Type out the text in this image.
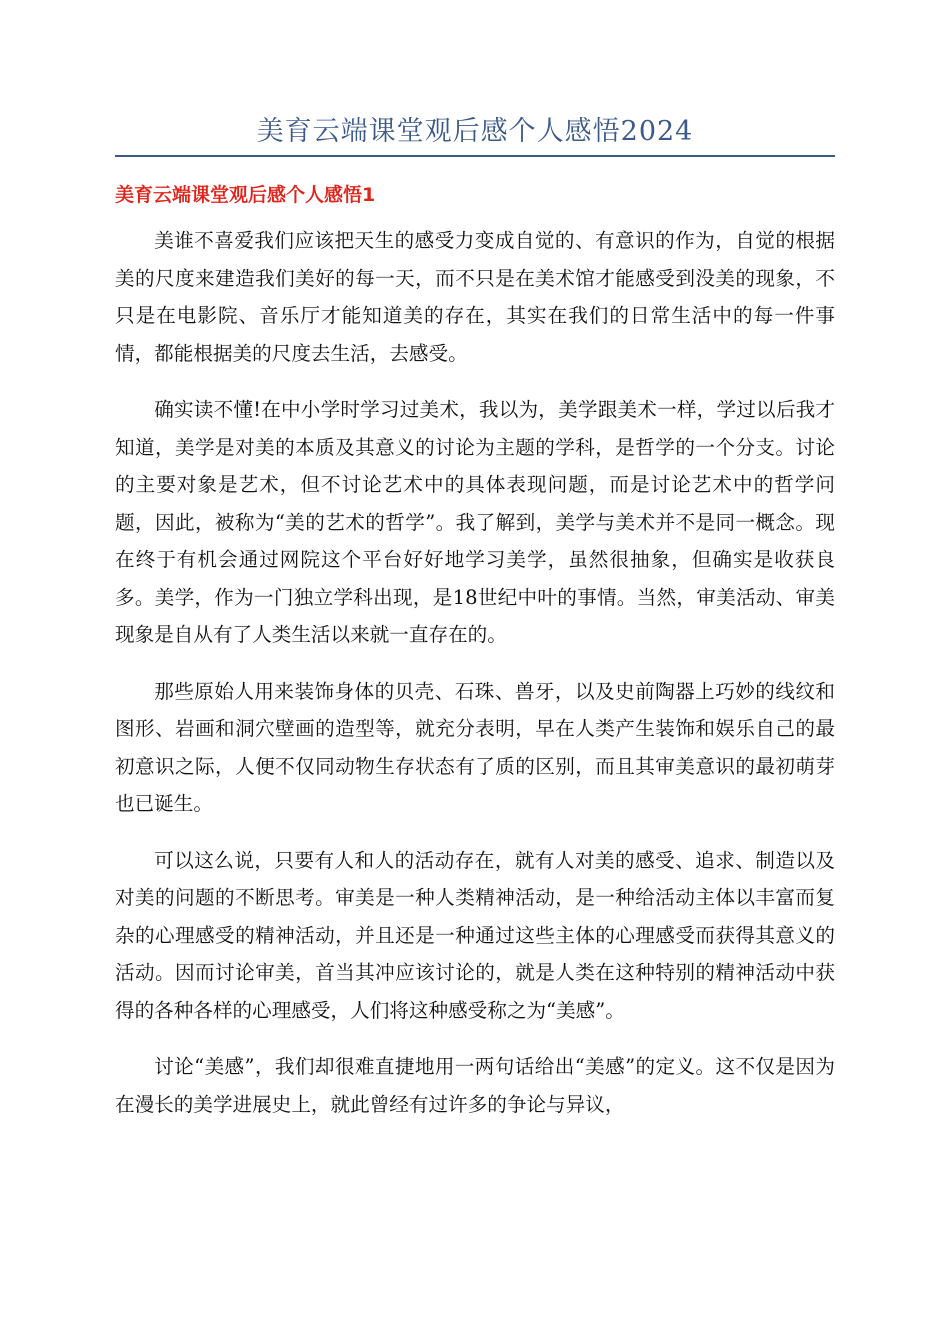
美育云端课堂观后感个人感悟2024
美育云端课堂观后感个人感悟1

美谁不喜爱我们应该把天生的感受力变成自觉的、有意识的作为，自觉的根据美的尺度来建造我们美好的每一天，而不只是在美术馆才能感受到没美的现象，不只是在电影院、音乐厅才能知道美的存在，其实在我们的日常生活中的每一件事情，都能根据美的尺度去生活，去感受。

确实读不懂!在中小学时学习过美术，我以为，美学跟美术一样，学过以后我才知道，美学是对美的本质及其意义的讨论为主题的学科，是哲学的一个分支。讨论的主要对象是艺术，但不讨论艺术中的具体表现问题，而是讨论艺术中的哲学问题，因此，被称为“美的艺术的哲学”。我了解到，美学与美术并不是同一概念。现在终于有机会通过网院这个平台好好地学习美学，虽然很抽象，但确实是收获良多。美学，作为一门独立学科出现，是18世纪中叶的事情。当然，审美活动、审美现象是自从有了人类生活以来就一直存在的。

那些原始人用来装饰身体的贝壳、石珠、兽牙，以及史前陶器上巧妙的线纹和图形、岩画和洞穴壁画的造型等，就充分表明，早在人类产生装饰和娱乐自己的最初意识之际，人便不仅同动物生存状态有了质的区别，而且其审美意识的最初萌芽也已诞生。

可以这么说，只要有人和人的活动存在，就有人对美的感受、追求、制造以及对美的问题的不断思考。审美是一种人类精神活动，是一种给活动主体以丰富而复杂的心理感受的精神活动，并且还是一种通过这些主体的心理感受而获得其意义的活动。因而讨论审美，首当其冲应该讨论的，就是人类在这种特别的精神活动中获得的各种各样的心理感受，人们将这种感受称之为“美感”。

讨论“美感”，我们却很难直捷地用一两句话给出“美感”的定义。这不仅是因为在漫长的美学进展史上，就此曾经有过许多的争论与异议，
